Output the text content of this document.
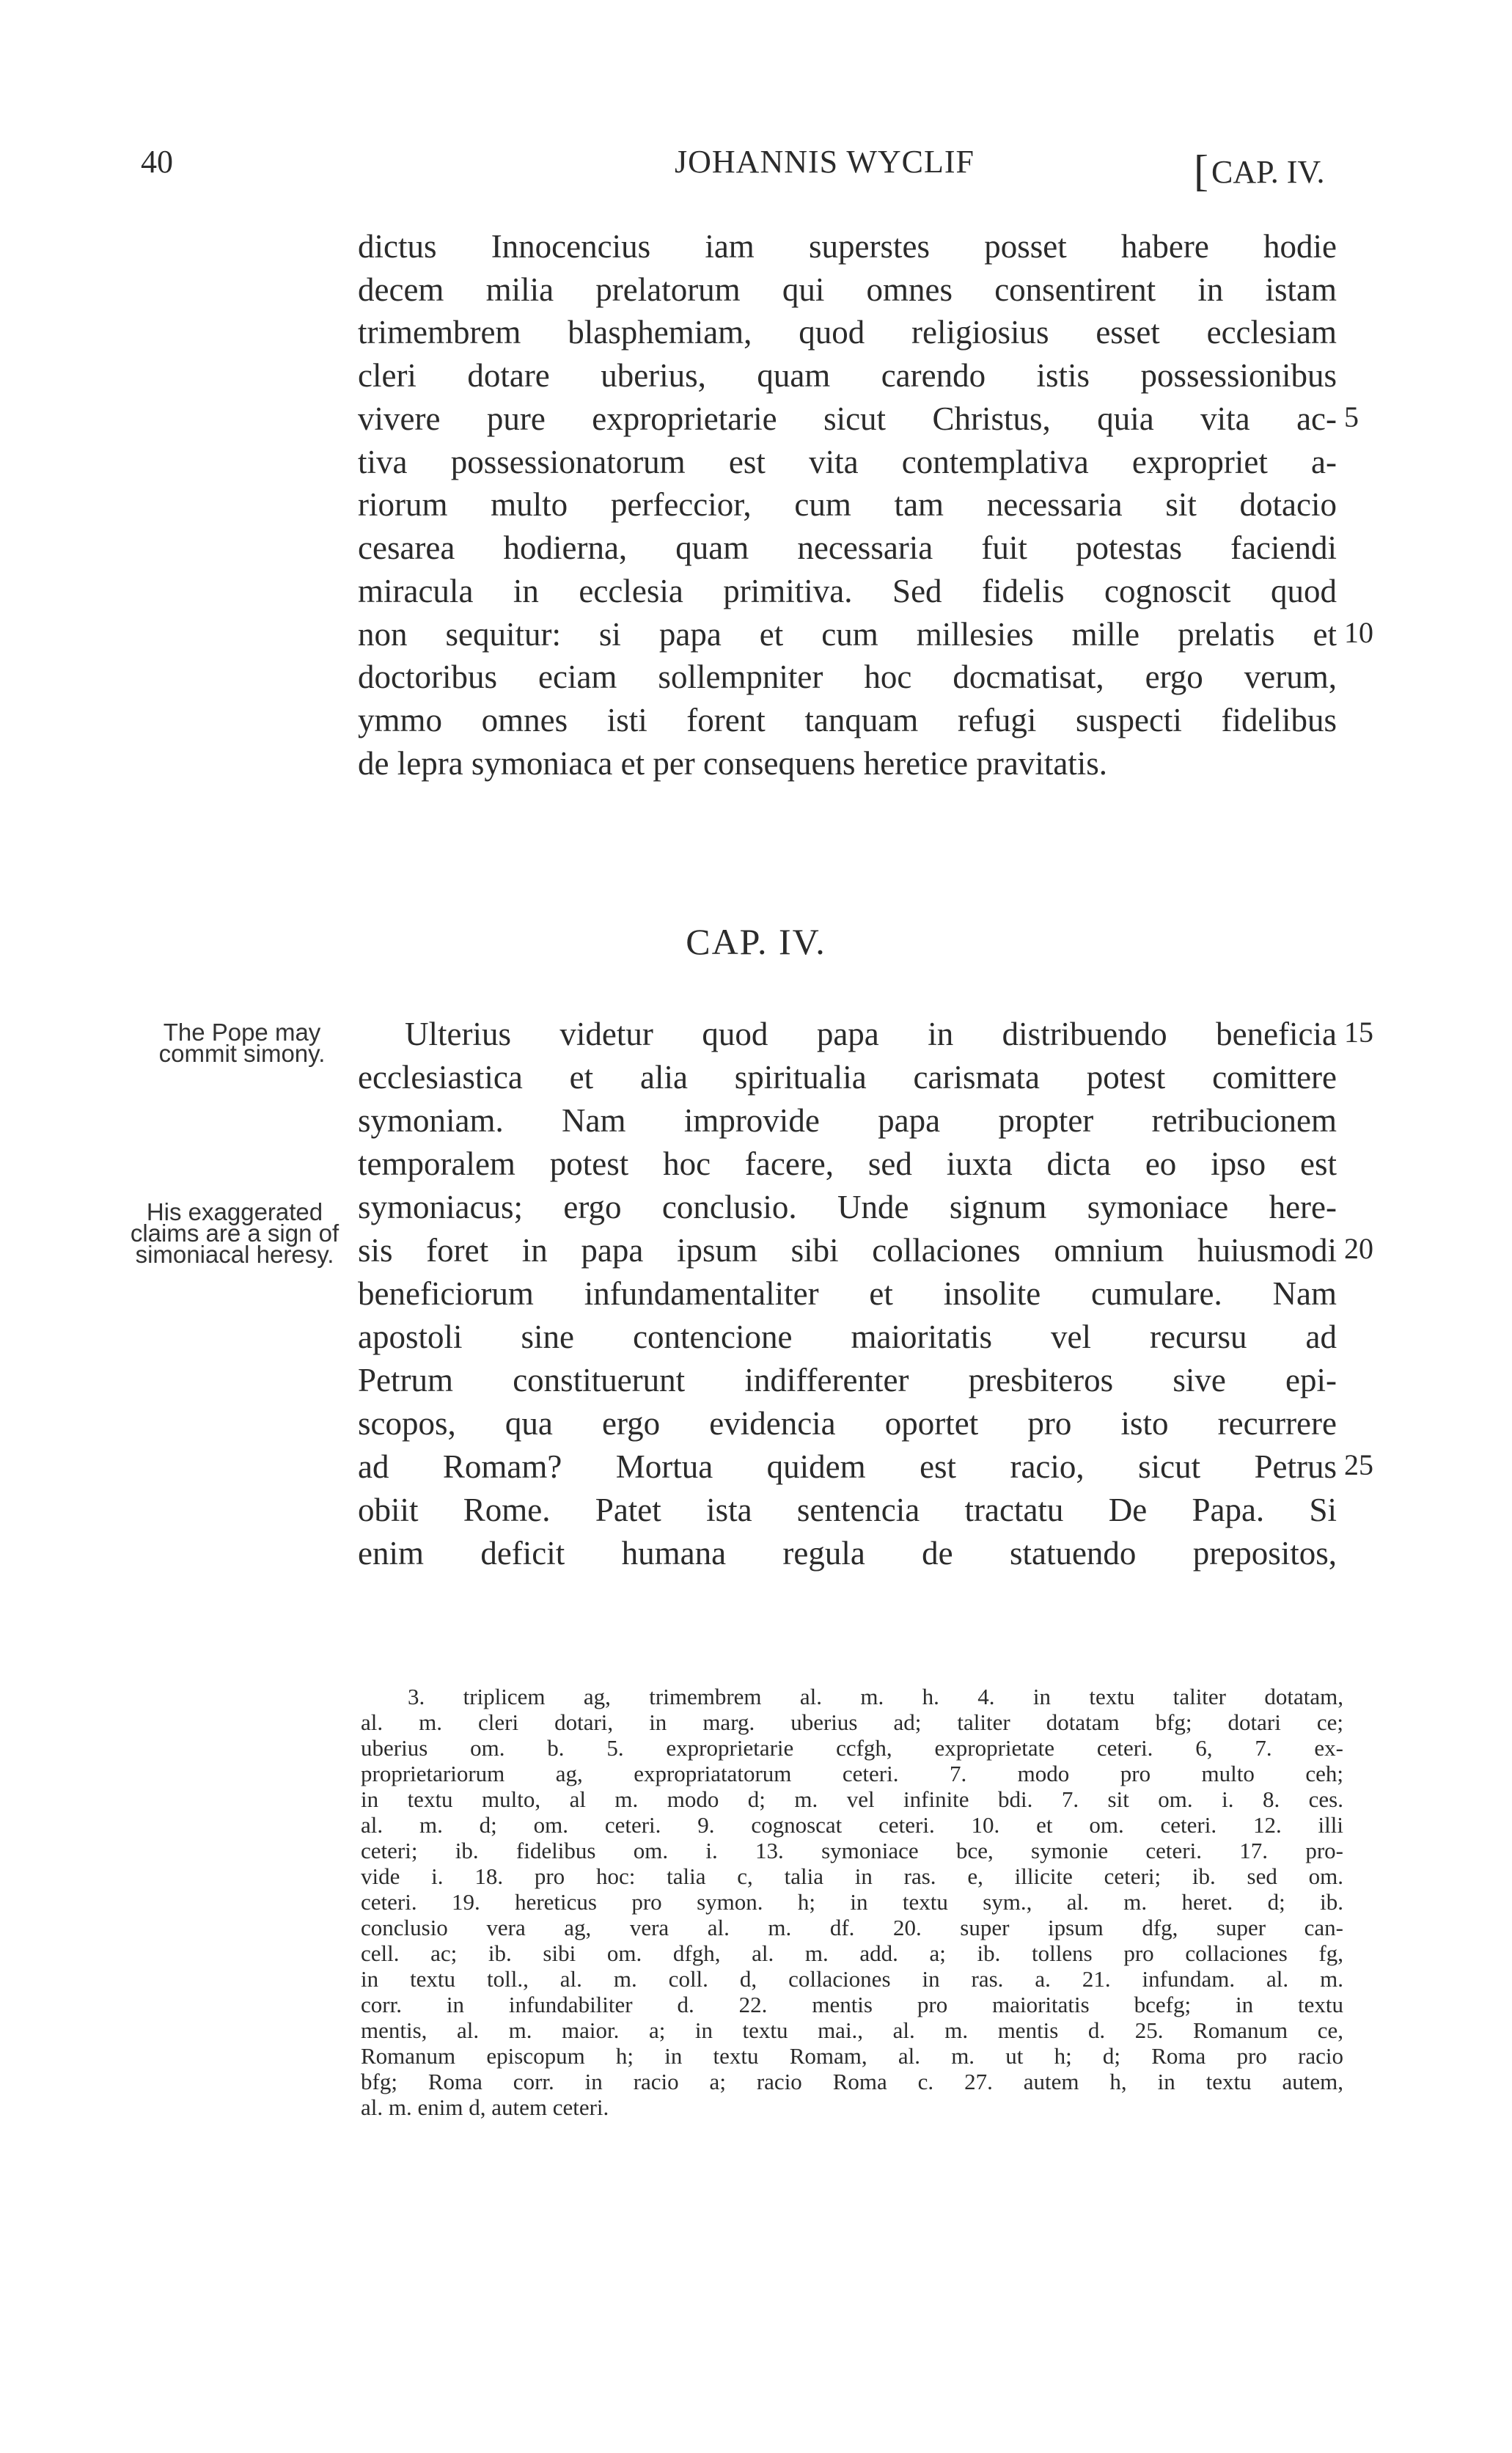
40	JOHANNIS WYCLIF	[CAP. IV.
dictus Innocencius iam superstes posset habere hodie
decem milia prelatorum qui omnes consentirent in istam
trimembrem blasphemiam, quod religiosius esset ecclesiam
cleri dotare uberius, quam carendo istis possessionibus
vivere pure exproprietarie sicut Christus, quia vita ac-
tiva possessionatorum est vita contemplativa expropriet a-
riorum multo perfeccior, cum tam necessaria sit dotacio
cesarea hodierna, quam necessaria fuit potestas faciendi
miracula in ecclesia primitiva. Sed fidelis cognoscit quod
non sequitur: si papa et cum millesies mille prelatis et
doctoribus eciam sollempniter hoc docmatisat, ergo verum,
ymmo omnes isti forent tanquam refugi suspecti fidelibus
de lepra symoniaca et per consequens heretice pravitatis.
5
10
CAP. IV.
The Pope may commit simony.
His exaggerated claims are a sign of simoniacal heresy.
Ulterius videtur quod papa in distribuendo beneficia
ecclesiastica et alia spiritualia carismata potest comittere
symoniam. Nam improvide papa propter retribucionem
temporalem potest hoc facere, sed iuxta dicta eo ipso est
symoniacus; ergo conclusio. Unde signum symoniace here-
sis foret in papa ipsum sibi collaciones omnium huiusmodi
beneficiorum infundamentaliter et insolite cumulare. Nam
apostoli sine contencione maioritatis vel recursu ad
Petrum constituerunt indifferenter presbiteros sive epi-
scopos, qua ergo evidencia oportet pro isto recurrere
ad Romam? Mortua quidem est racio, sicut Petrus
obiit Rome. Patet ista sentencia tractatu De Papa. Si
enim deficit humana regula de statuendo prepositos,
15
20
25
3. triplicem ag, trimembrem al. m. h. 4. in textu taliter dotatam,
al. m. cleri dotari, in marg. uberius ad; taliter dotatam bfg; dotari ce;
uberius om. b. 5. exproprietarie ccfgh, exproprietate ceteri. 6, 7. ex-
proprietariorum ag, expropriatatorum ceteri. 7. modo pro multo ceh;
in textu multo, al m. modo d; m. vel infinite bdi. 7. sit om. i. 8. ces.
al. m. d; om. ceteri. 9. cognoscat ceteri. 10. et om. ceteri. 12. illi
ceteri; ib. fidelibus om. i. 13. symoniace bce, symonie ceteri. 17. pro-
vide i. 18. pro hoc: talia c, talia in ras. e, illicite ceteri; ib. sed om.
ceteri. 19. hereticus pro symon. h; in textu sym., al. m. heret. d; ib.
conclusio vera ag, vera al. m. df. 20. super ipsum dfg, super can-
cell. ac; ib. sibi om. dfgh, al. m. add. a; ib. tollens pro collaciones fg,
in textu toll., al. m. coll. d, collaciones in ras. a. 21. infundam. al. m.
corr. in infundabiliter d. 22. mentis pro maioritatis bcefg; in textu
mentis, al. m. maior. a; in textu mai., al. m. mentis d. 25. Romanum ce,
Romanum episcopum h; in textu Romam, al. m. ut h; d; Roma pro racio
bfg; Roma corr. in racio a; racio Roma c. 27. autem h, in textu autem,
al. m. enim d, autem ceteri.
